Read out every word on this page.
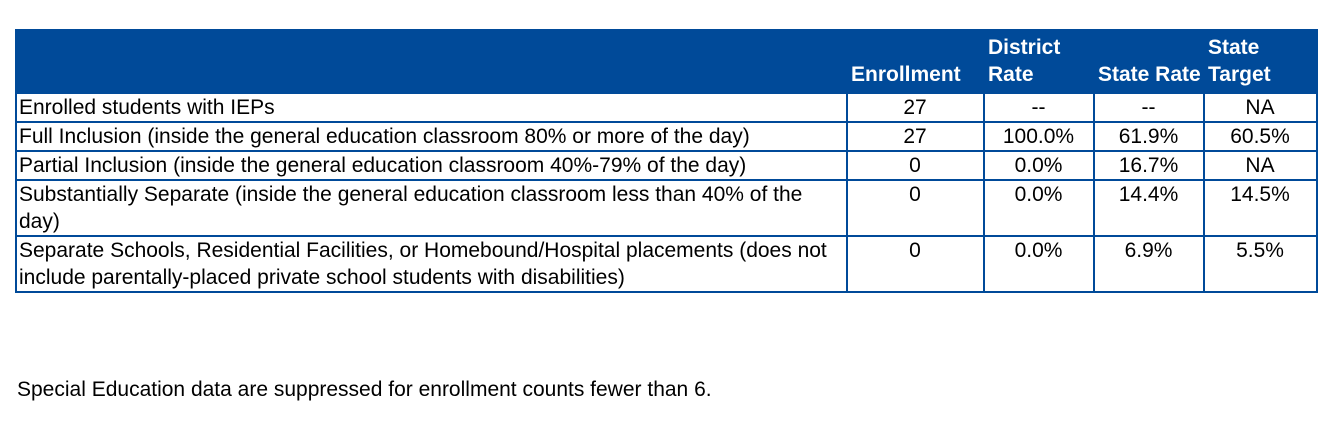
	Enrollment	District Rate	State Rate	State Target
Enrolled students with IEPs	27	--	--	NA
Full Inclusion (inside the general education classroom 80% or more of the day)	27	100.0%	61.9%	60.5%
Partial Inclusion (inside the general education classroom 40%-79% of the day)	0	0.0%	16.7%	NA
Substantially Separate (inside the general education classroom less than 40% of the day)	0	0.0%	14.4%	14.5%
Separate Schools, Residential Facilities, or Homebound/Hospital placements (does not include parentally-placed private school students with disabilities)	0	0.0%	6.9%	5.5%
Special Education data are suppressed for enrollment counts fewer than 6.
